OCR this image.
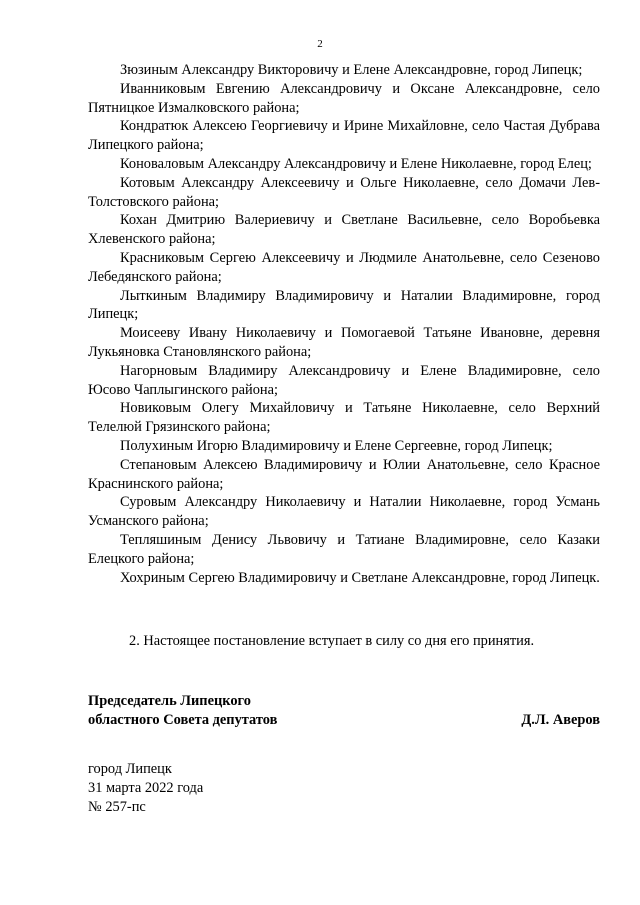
2

Зюзиным Александру Викторовичу и Елене Александровне, город Липецк;

Иванниковым Евгению Александровичу и Оксане Александровне, село Пятницкое Измалковского района;

Кондратюк Алексею Георгиевичу и Ирине Михайловне, село Частая Дубрава Липецкого района;

Коноваловым Александру Александровичу и Елене Николаевне, город Елец;

Котовым Александру Алексеевичу и Ольге Николаевне, село Домачи Лев-Толстовского района;

Кохан Дмитрию Валериевичу и Светлане Васильевне, село Воробьевка Хлевенского района;

Красниковым Сергею Алексеевичу и Людмиле Анатольевне, село Сезеново Лебедянского района;

Лыткиным Владимиру Владимировичу и Наталии Владимировне, город Липецк;

Моисееву Ивану Николаевичу и Помогаевой Татьяне Ивановне, деревня Лукьяновка Становлянского района;

Нагорновым Владимиру Александровичу и Елене Владимировне, село Юсово Чаплыгинского района;

Новиковым Олегу Михайловичу и Татьяне Николаевне, село Верхний Телелюй Грязинского района;

Полухиным Игорю Владимировичу и Елене Сергеевне, город Липецк;

Степановым Алексею Владимировичу и Юлии Анатольевне, село Красное Краснинского района;

Суровым Александру Николаевичу и Наталии Николаевне, город Усмань Усманского района;

Тепляшиным Денису Львовичу и Татиане Владимировне, село Казаки Елецкого района;

Хохриным Сергею Владимировичу и Светлане Александровне, город Липецк.

2. Настоящее постановление вступает в силу со дня его принятия.
Председатель Липецкого
областного Совета депутатов	Д.Л. Аверов
город Липецк
31 марта 2022 года
№ 257-пс
